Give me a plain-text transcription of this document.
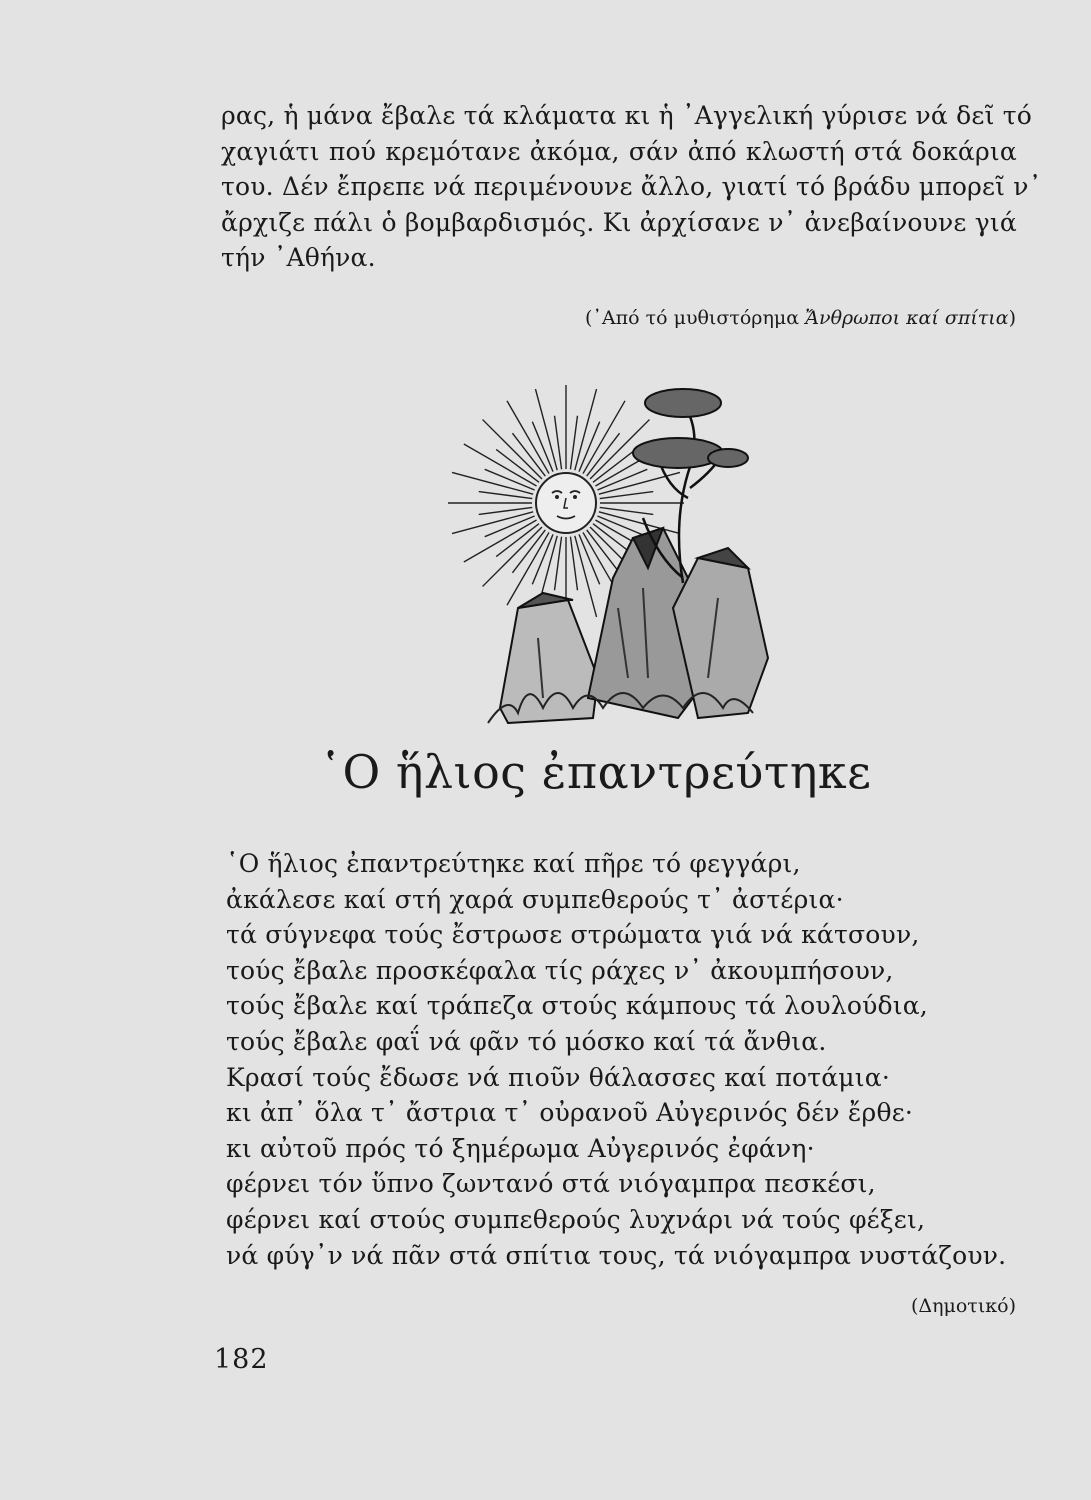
ρας, ἡ μάνα ἔβαλε τά κλάματα κι ἡ ᾿Αγγελική γύρισε νά δεῖ τό
χαγιάτι πού κρεμότανε ἀκόμα, σάν ἀπό κλωστή στά δοκάρια
του. Δέν ἔπρεπε νά περιμένουνε ἄλλο, γιατί τό βράδυ μπορεῖ ν᾿
ἄρχιζε πάλι ὁ βομβαρδισμός. Κι ἀρχίσανε ν᾿ ἀνεβαίνουνε γιά
τήν ᾿Αθήνα.
(᾿Από τό μυθιστόρημα Ἄνθρωποι καί σπίτια)
῾Ο ἥλιος ἐπαντρεύτηκε
῾Ο ἥλιος ἐπαντρεύτηκε καί πῆρε τό φεγγάρι,
ἀκάλεσε καί στή χαρά συμπεθερούς τ᾿ ἀστέρια·
τά σύγνεφα τούς ἔστρωσε στρώματα γιά νά κάτσουν,
τούς ἔβαλε προσκέφαλα τίς ράχες ν᾿ ἀκουμπήσουν,
τούς ἔβαλε καί τράπεζα στούς κάμπους τά λουλούδια,
τούς ἔβαλε φαΐ νά φᾶν τό μόσκο καί τά ἄνθια.
Κρασί τούς ἔδωσε νά πιοῦν θάλασσες καί ποτάμια·
κι ἀπ᾿ ὅλα τ᾿ ἄστρια τ᾿ οὐρανοῦ Αὐγερινός δέν ἔρθε·
κι αὐτοῦ πρός τό ξημέρωμα Αὐγερινός ἐφάνη·
φέρνει τόν ὕπνο ζωντανό στά νιόγαμπρα πεσκέσι,
φέρνει καί στούς συμπεθερούς λυχνάρι νά τούς φέξει,
νά φύγ᾿ν νά πᾶν στά σπίτια τους, τά νιόγαμπρα νυστάζουν.
(Δημοτικό)
182
